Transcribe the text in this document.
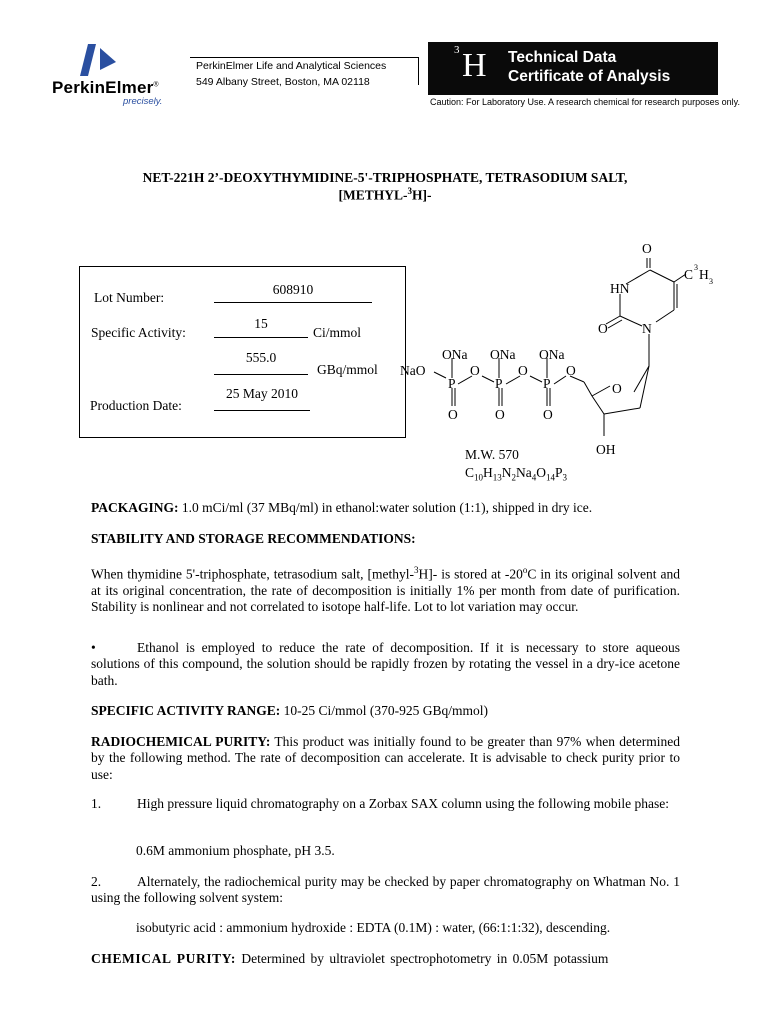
PerkinElmer®
precisely.
PerkinElmer Life and Analytical Sciences
549 Albany Street, Boston, MA 02118
3 H Technical Data
Certificate of Analysis
Caution: For Laboratory Use. A research chemical for research purposes only.
NET-221H 2’-DEOXYTHYMIDINE-5'-TRIPHOSPHATE, TETRASODIUM SALT,
[METHYL-$^3$H]-
Lot Number:
608910
Specific Activity:
15
Ci/mmol
555.0
GBq/mmol
Production Date:
25 May 2010
O
HN
C 3 H 3
O	N
ONa ONa ONa
NaO	O	O	O
P	P	P
O	O	O
O
OH
M.W. 570
$C_{10}H_{13}N_2Na_4O_{14}P_3$
PACKAGING: 1.0 mCi/ml (37 MBq/ml) in ethanol:water solution (1:1), shipped in dry ice.
STABILITY AND STORAGE RECOMMENDATIONS:
When thymidine 5'-triphosphate, tetrasodium salt, [methyl-$^3$H]- is stored at -20$^o$C in its original solvent and at its original concentration, the rate of decomposition is initially 1% per month from date of purification. Stability is nonlinear and not correlated to isotope half-life. Lot to lot variation may occur.
•	Ethanol is employed to reduce the rate of decomposition. If it is necessary to store aqueous solutions of this compound, the solution should be rapidly frozen by rotating the vessel in a dry-ice acetone bath.
SPECIFIC ACTIVITY RANGE: 10-25 Ci/mmol (370-925 GBq/mmol)
RADIOCHEMICAL PURITY: This product was initially found to be greater than 97% when determined by the following method. The rate of decomposition can accelerate. It is advisable to check purity prior to use:
1.	High pressure liquid chromatography on a Zorbax SAX column using the following mobile phase:
0.6M ammonium phosphate, pH 3.5.
2.	Alternately, the radiochemical purity may be checked by paper chromatography on Whatman No. 1 using the following solvent system:
isobutyric acid : ammonium hydroxide : EDTA (0.1M) : water, (66:1:1:32), descending.
CHEMICAL PURITY: Determined by ultraviolet spectrophotometry in 0.05M potassium
